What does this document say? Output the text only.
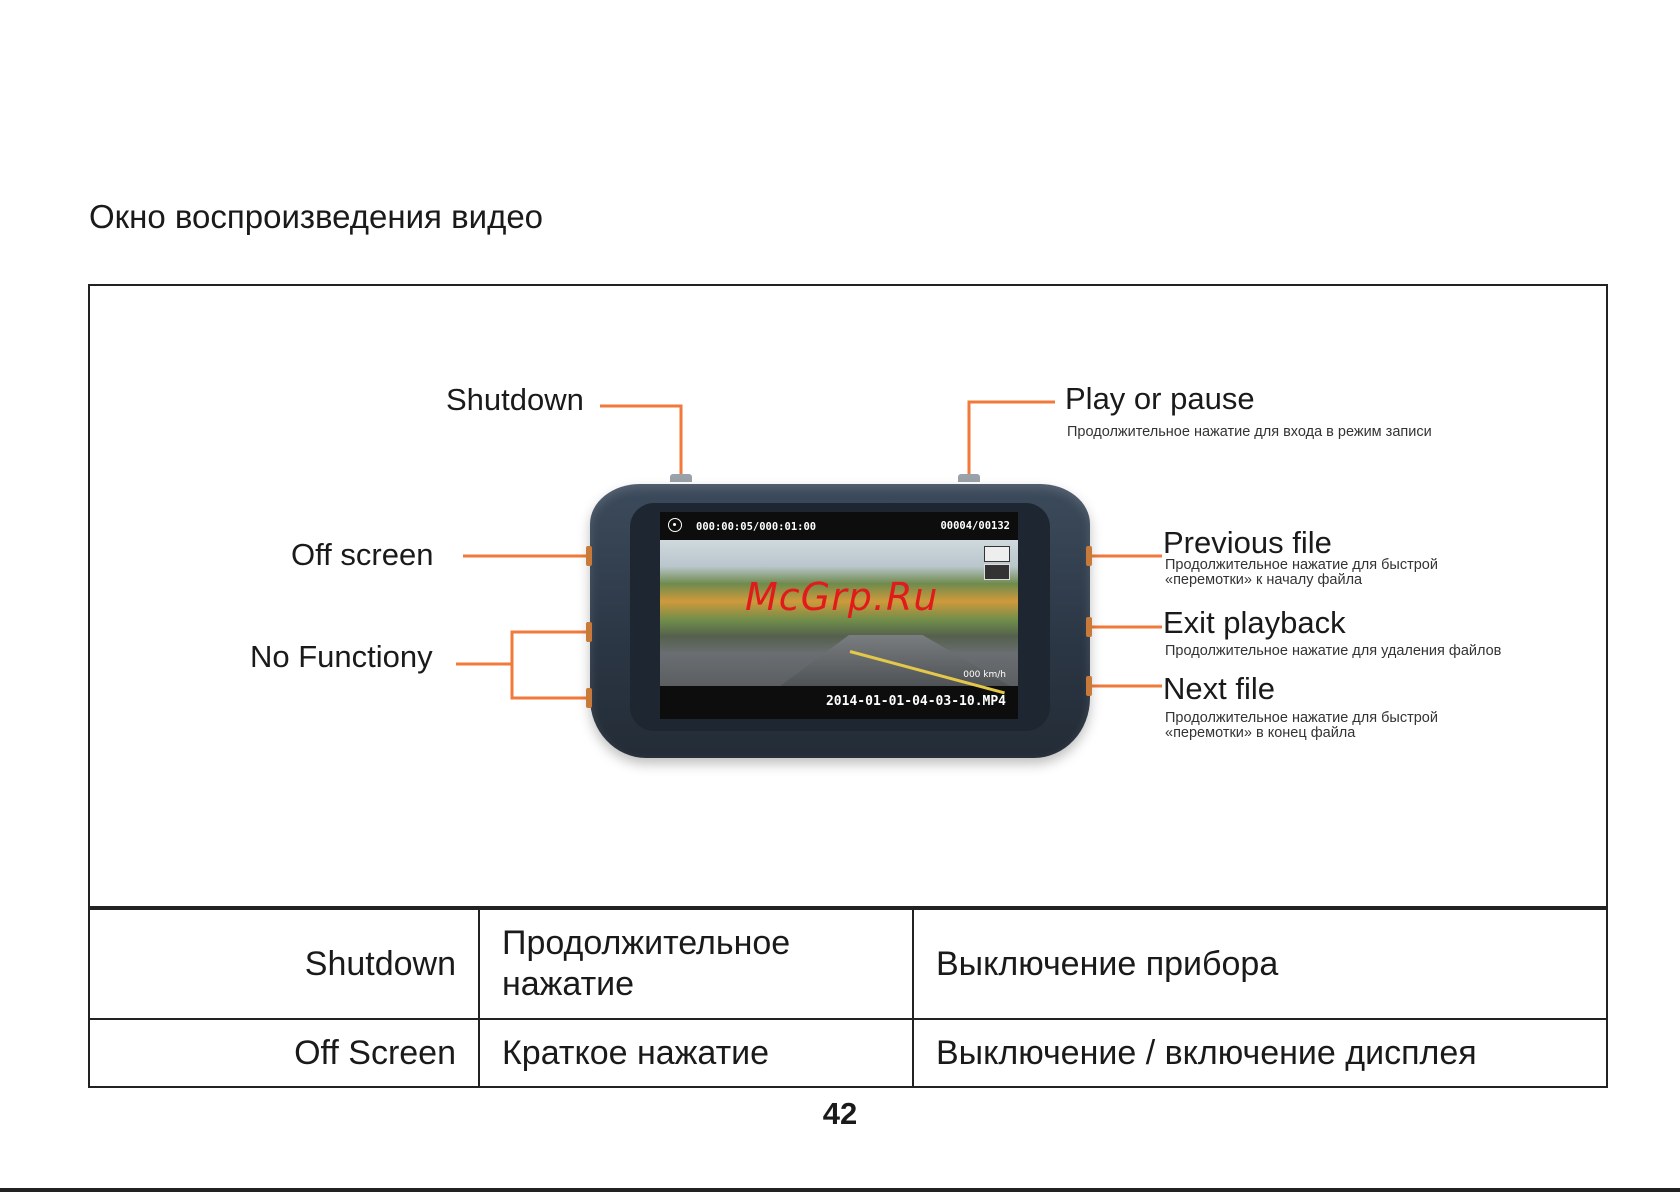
Окно воспроизведения видео
000:00:05/000:01:00	00004/00132
000 km/h
2014-01-01-04-03-10.MP4
McGrp.Ru
Shutdown	Play or pause
Продолжительное нажатие для входа в режим записи
Off screen
No Functiony
Previous file
Продолжительное нажатие для быстрой
«перемотки» к началу файла
Exit playback
Продолжительное нажатие для удаления файлов
Next file
Продолжительное нажатие для быстрой
«перемотки» в конец файла
Shutdown	Продолжительное нажатие	Выключение прибора
Off Screen	Краткое нажатие	Выключение / включение дисплея
42
